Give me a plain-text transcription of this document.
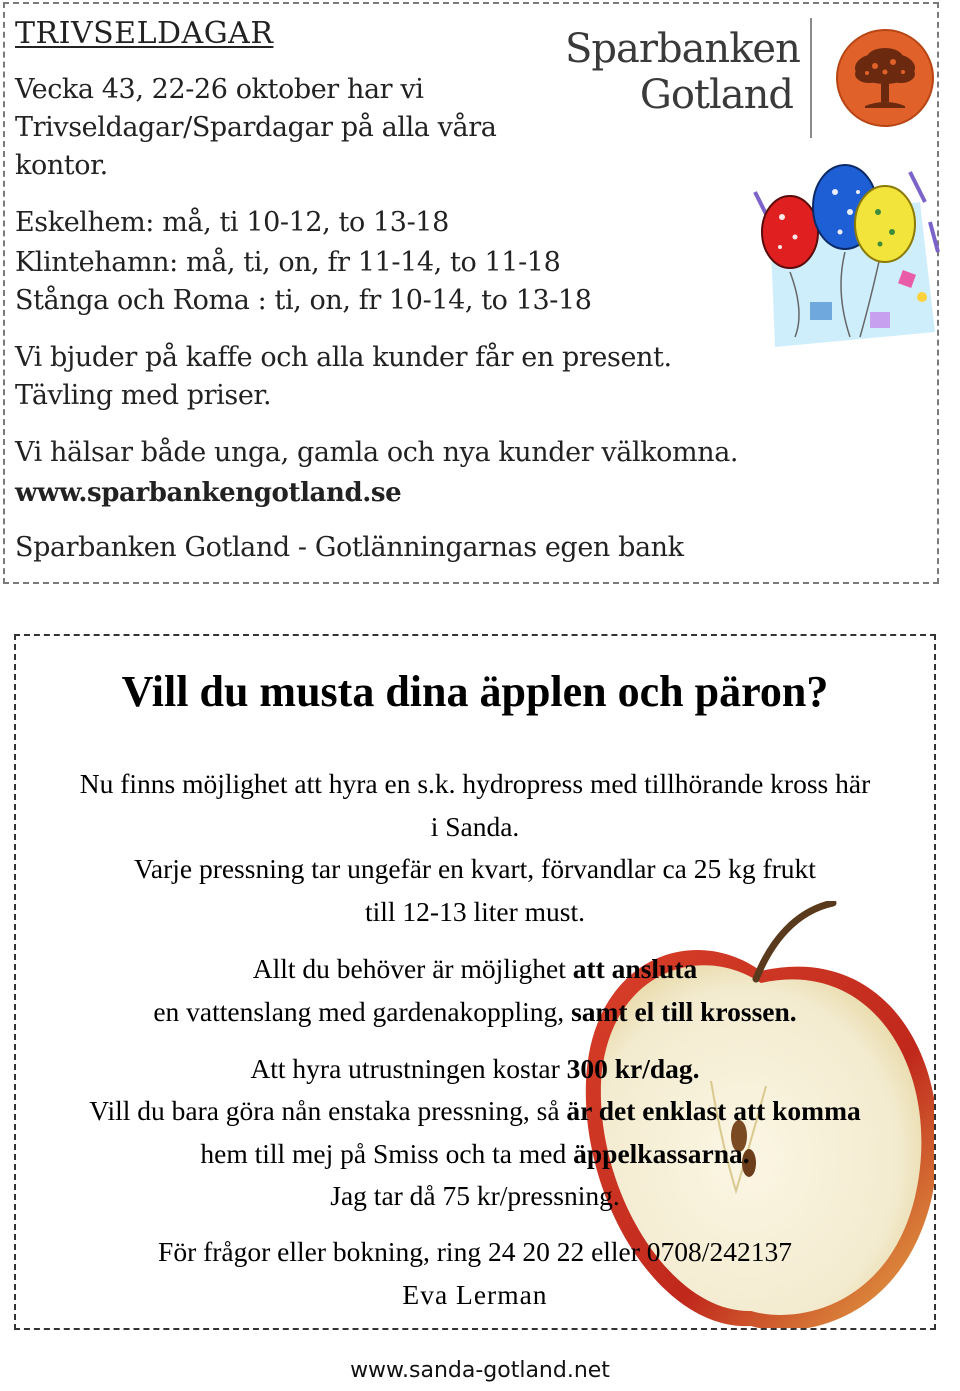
TRIVSELDAGAR

Vecka 43, 22-26 oktober har vi

Trivseldagar/Spardagar på alla våra

kontor.

Eskelhem: må, ti 10-12, to 13-18

Klintehamn: må, ti, on, fr 11-14, to 11-18

Stånga och Roma : ti, on, fr 10-14, to 13-18

Vi bjuder på kaffe och alla kunder får en present.

Tävling med priser.

Vi hälsar både unga, gamla och nya kunder välkomna.

www.sparbankengotland.se

Sparbanken Gotland - Gotlänningarnas egen bank

Sparbanken
Gotland
Vill du musta dina äpplen och päron?

Nu finns möjlighet att hyra en s.k. hydropress med tillhörande kross här

i Sanda.

Varje pressning tar ungefär en kvart, förvandlar ca 25 kg frukt

till 12-13 liter must.

Allt du behöver är möjlighet att ansluta

en vattenslang med gardenakoppling, samt el till krossen.

Att hyra utrustningen kostar 300 kr/dag.

Vill du bara göra nån enstaka pressning, så är det enklast att komma

hem till mej på Smiss och ta med äppelkassarna.

Jag tar då 75 kr/pressning.

För frågor eller bokning, ring 24 20 22 eller 0708/242137

Eva Lerman

www.sanda-gotland.net
